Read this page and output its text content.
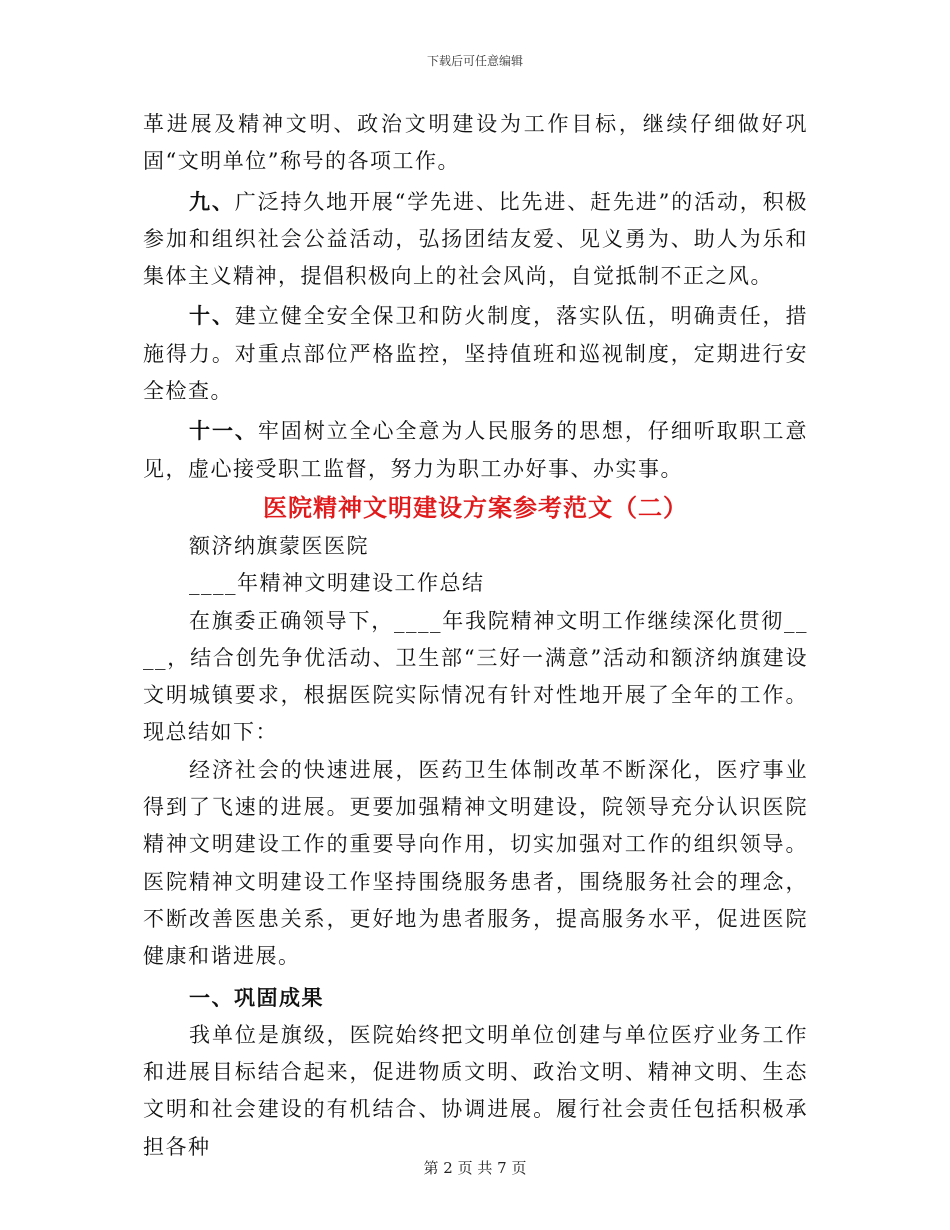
下载后可任意编辑

革进展及精神文明、政治文明建设为工作目标，继续仔细做好巩固“文明单位”称号的各项工作。

九、广泛持久地开展“学先进、比先进、赶先进”的活动，积极参加和组织社会公益活动，弘扬团结友爱、见义勇为、助人为乐和集体主义精神，提倡积极向上的社会风尚，自觉抵制不正之风。

十、建立健全安全保卫和防火制度，落实队伍，明确责任，措施得力。对重点部位严格监控，坚持值班和巡视制度，定期进行安全检查。

十一、牢固树立全心全意为人民服务的思想，仔细听取职工意见，虚心接受职工监督，努力为职工办好事、办实事。

医院精神文明建设方案参考范文（二）

额济纳旗蒙医医院

____年精神文明建设工作总结

在旗委正确领导下，____年我院精神文明工作继续深化贯彻____，结合创先争优活动、卫生部“三好一满意”活动和额济纳旗建设文明城镇要求，根据医院实际情况有针对性地开展了全年的工作。现总结如下：

经济社会的快速进展，医药卫生体制改革不断深化，医疗事业得到了飞速的进展。更要加强精神文明建设，院领导充分认识医院精神文明建设工作的重要导向作用，切实加强对工作的组织领导。医院精神文明建设工作坚持围绕服务患者，围绕服务社会的理念，不断改善医患关系，更好地为患者服务，提高服务水平，促进医院健康和谐进展。

一、巩固成果

我单位是旗级，医院始终把文明单位创建与单位医疗业务工作和进展目标结合起来，促进物质文明、政治文明、精神文明、生态文明和社会建设的有机结合、协调进展。履行社会责任包括积极承担各种

第 2 页 共 7 页
